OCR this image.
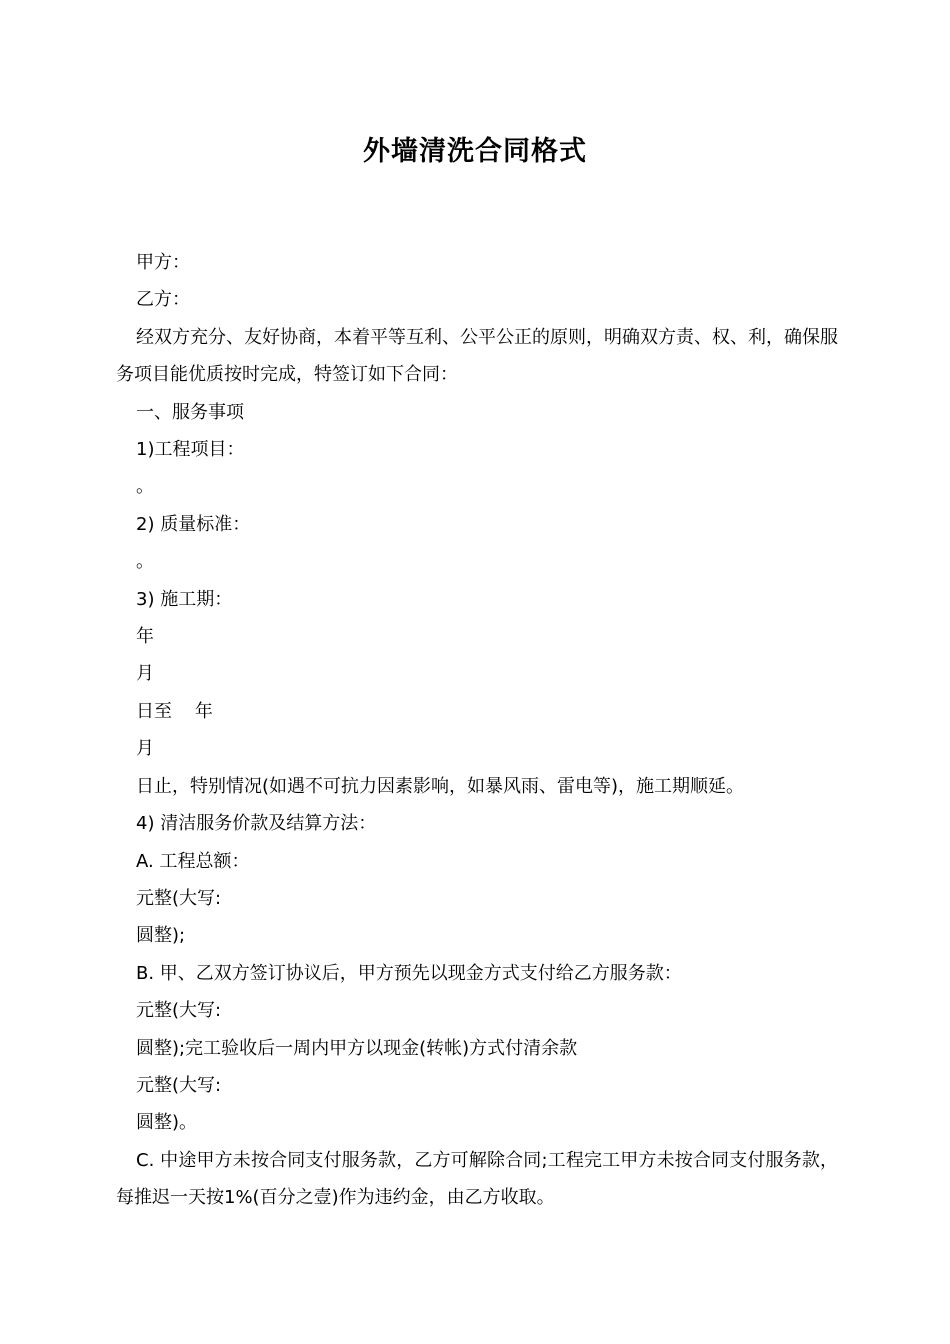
外墙清洗合同格式

甲方：

乙方：

经双方充分、友好协商，本着平等互利、公平公正的原则，明确双方责、权、利，确保服务项目能优质按时完成，特签订如下合同：

一、服务事项

1)工程项目：

。

2) 质量标准：

。

3) 施工期：

年

月

日至    年

月

日止，特别情况(如遇不可抗力因素影响，如暴风雨、雷电等)，施工期顺延。

4) 清洁服务价款及结算方法：

A. 工程总额：

元整(大写:

圆整);

B. 甲、乙双方签订协议后，甲方预先以现金方式支付给乙方服务款：

元整(大写:

圆整);完工验收后一周内甲方以现金(转帐)方式付清余款

元整(大写:

圆整)。

C. 中途甲方未按合同支付服务款，乙方可解除合同;工程完工甲方未按合同支付服务款，每推迟一天按1%(百分之壹)作为违约金，由乙方收取。
